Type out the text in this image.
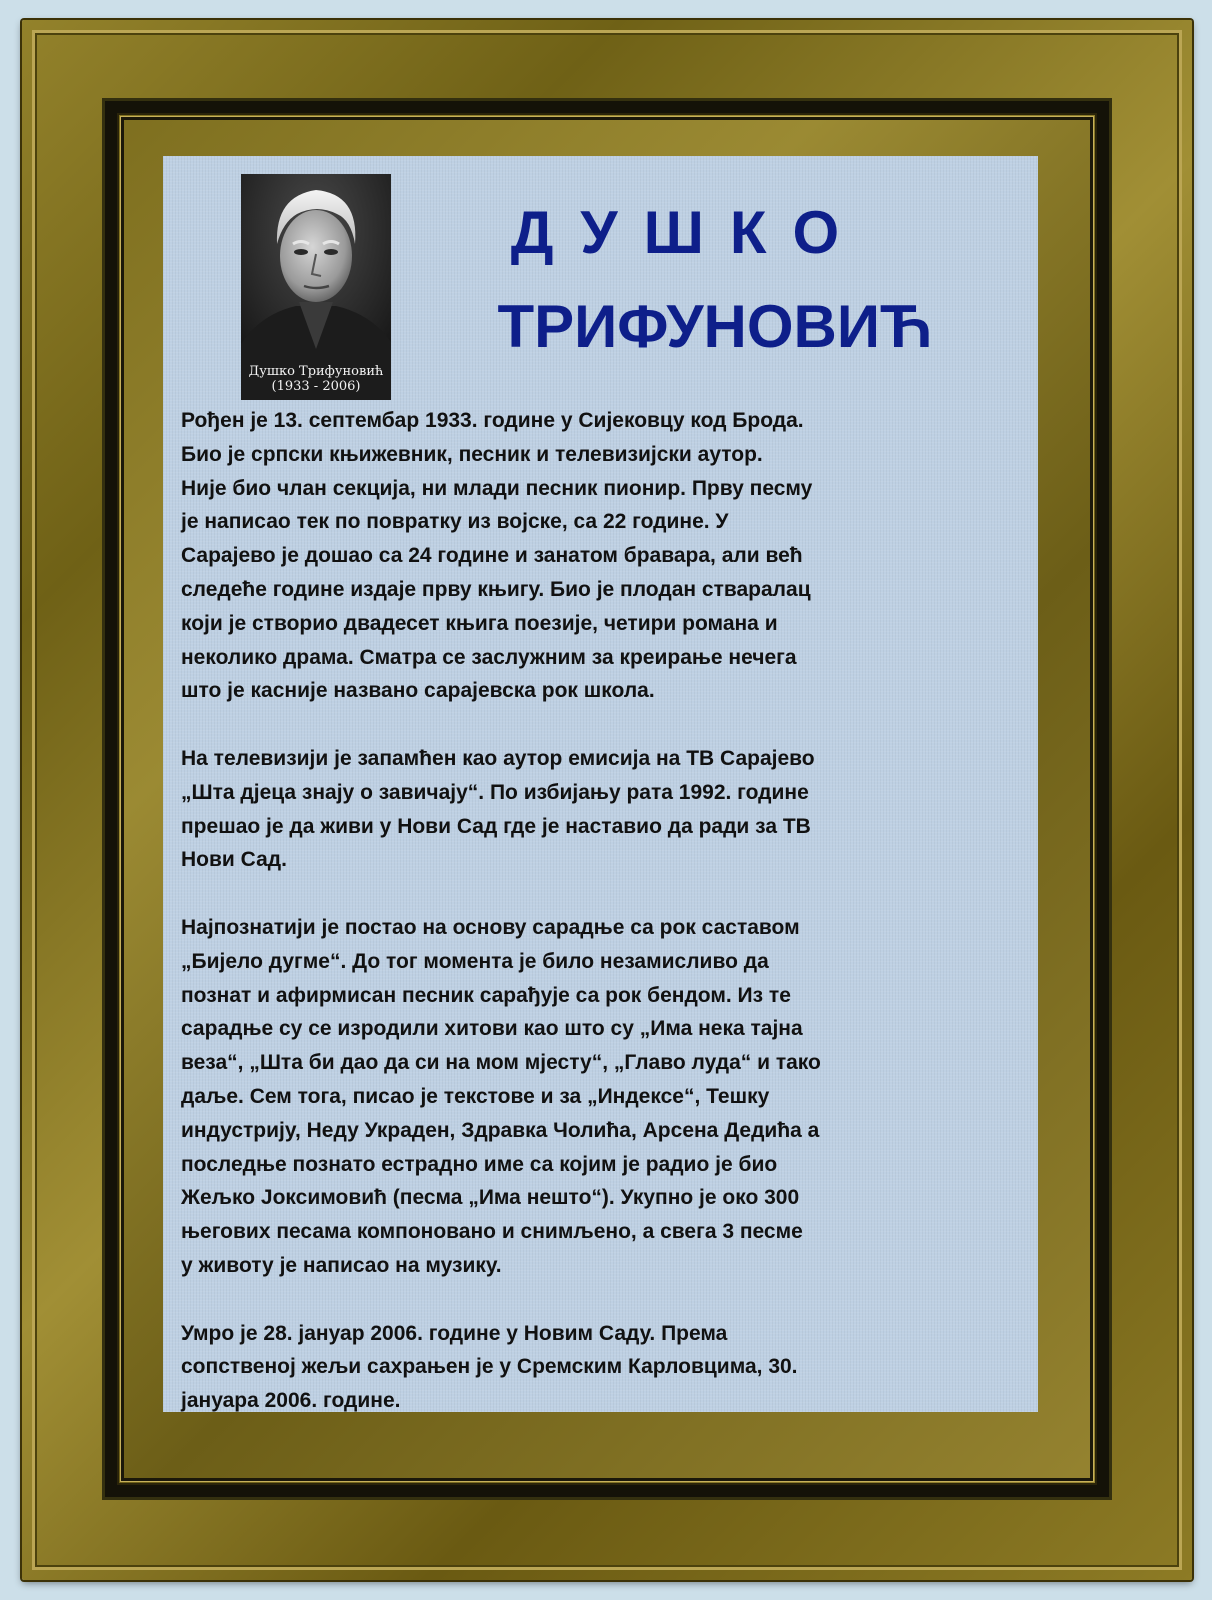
Душко Трифуновић
(1933 - 2006)
ДУШКО
ТРИФУНОВИЋ

Рођен је 13. септембар 1933. године у Сијековцу код Брода.
Био је српски књижевник, песник и телевизијски аутор.
Није био члан секција, ни млади песник пионир. Прву песму
је написао тек по повратку из војске, са 22 године. У
Сарајево је дошао са 24 године и занатом бравара, али већ
следеће године издаје прву књигу. Био је плодан стваралац
који је створио двадесет књига поезије, четири романа и
неколико драма. Сматра се заслужним за креирање нечега
што је касније названо сарајевска рок школа.

На телевизији је запамћен као аутор емисија на ТВ Сарајево
„Шта дјеца знају о завичају“. По избијању рата 1992. године
прешао је да живи у Нови Сад где је наставио да ради за ТВ
Нови Сад.

Најпознатији је постао на основу сарадње са рок саставом
„Бијело дугме“. До тог момента је било незамисливо да
познат и афирмисан песник сарађује са рок бендом. Из те
сарадње су се изродили хитови као што су „Има нека тајна
веза“, „Шта би дао да си на мом мјесту“, „Главо луда“ и тако
даље. Сем тога, писао је текстове и за „Индексе“, Тешку
индустрију, Неду Украден, Здравка Чолића, Арсена Дедића а
последње познато естрадно име са којим је радио је био
Жељко Јоксимовић (песма „Има нешто“). Укупно је око 300
његових песама компоновано и снимљено, а свега 3 песме
у животу је написао на музику.

Умро је 28. јануар 2006. године у Новим Саду. Према
сопственој жељи сахрањен је у Сремским Карловцима, 30.
јануара 2006. године.
